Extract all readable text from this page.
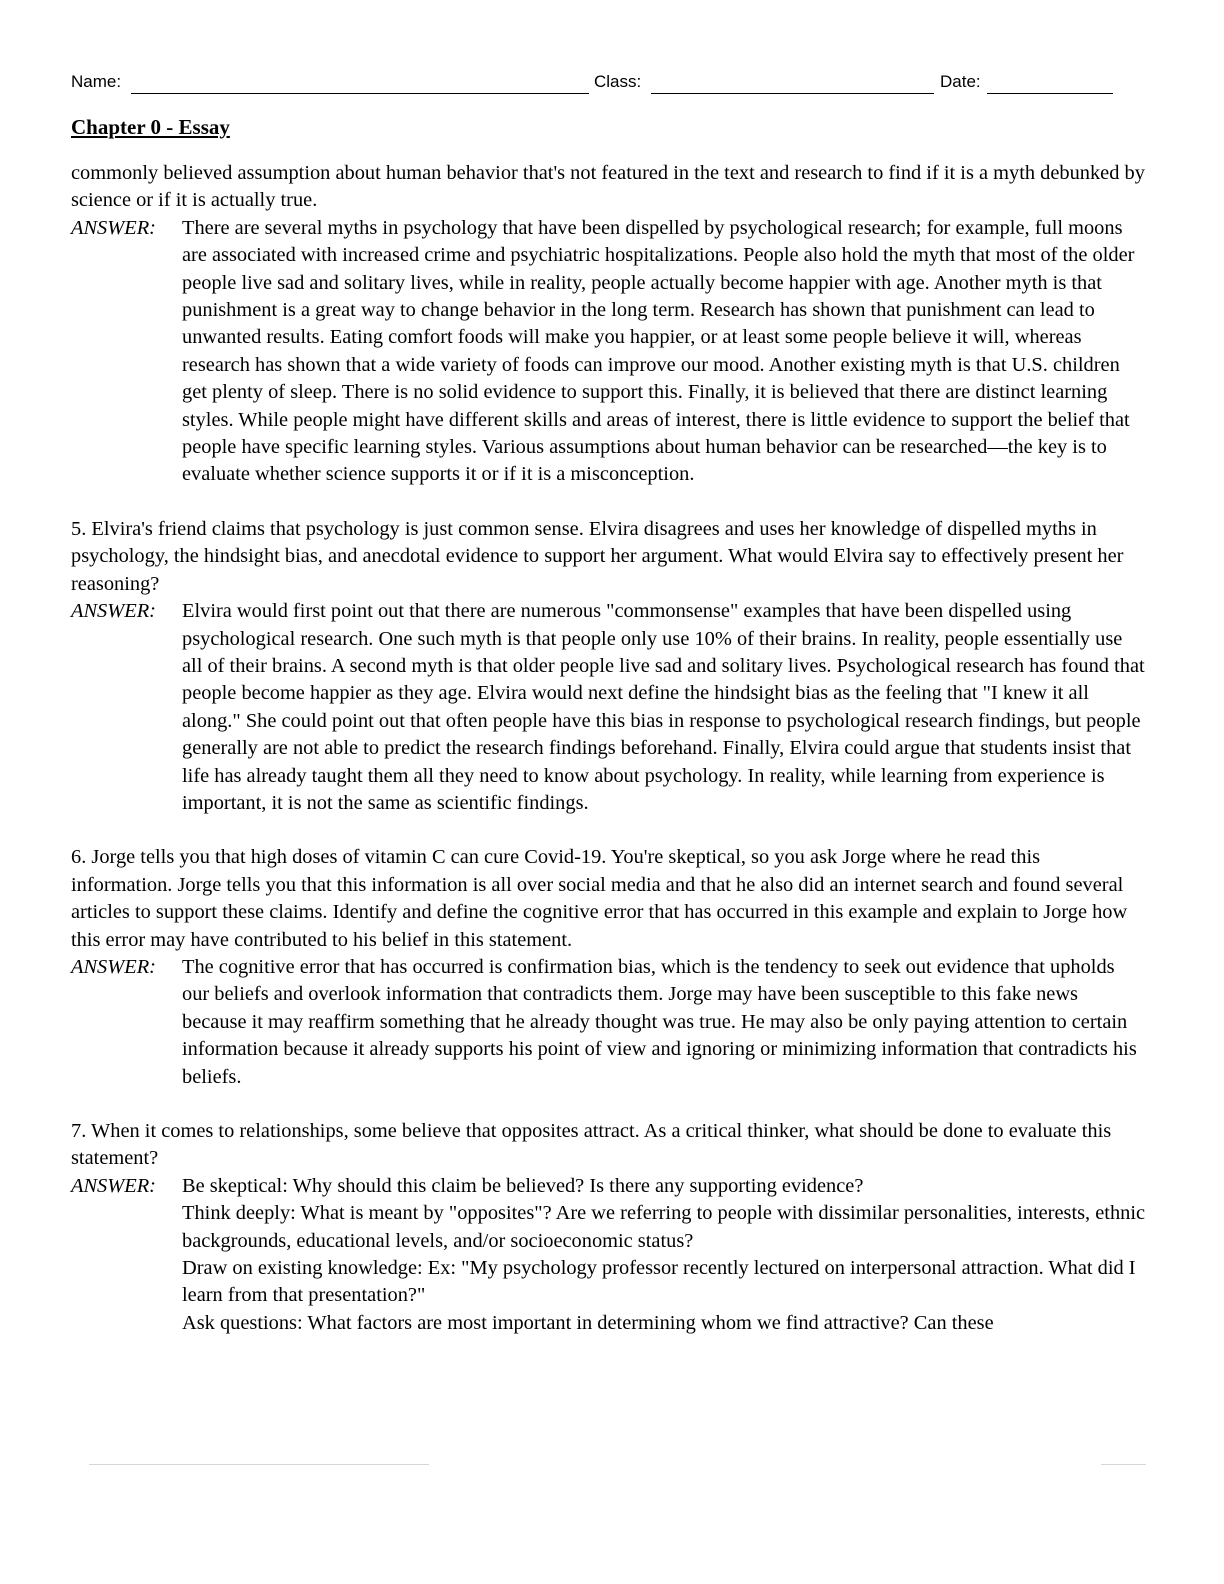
Name:	Class:	Date:
Chapter 0 - Essay

commonly believed assumption about human behavior that's not featured in the text and research to find if it is a myth debunked by science or if it is actually true.

ANSWER: There are several myths in psychology that have been dispelled by psychological research; for example, full moons are associated with increased crime and psychiatric hospitalizations. People also hold the myth that most of the older people live sad and solitary lives, while in reality, people actually become happier with age. Another myth is that punishment is a great way to change behavior in the long term. Research has shown that punishment can lead to unwanted results. Eating comfort foods will make you happier, or at least some people believe it will, whereas research has shown that a wide variety of foods can improve our mood. Another existing myth is that U.S. children get plenty of sleep. There is no solid evidence to support this. Finally, it is believed that there are distinct learning styles. While people might have different skills and areas of interest, there is little evidence to support the belief that people have specific learning styles. Various assumptions about human behavior can be researched—the key is to evaluate whether science supports it or if it is a misconception.

5. Elvira's friend claims that psychology is just common sense. Elvira disagrees and uses her knowledge of dispelled myths in psychology, the hindsight bias, and anecdotal evidence to support her argument. What would Elvira say to effectively present her reasoning?

ANSWER: Elvira would first point out that there are numerous "commonsense" examples that have been dispelled using psychological research. One such myth is that people only use 10% of their brains. In reality, people essentially use all of their brains. A second myth is that older people live sad and solitary lives. Psychological research has found that people become happier as they age. Elvira would next define the hindsight bias as the feeling that "I knew it all along." She could point out that often people have this bias in response to psychological research findings, but people generally are not able to predict the research findings beforehand. Finally, Elvira could argue that students insist that life has already taught them all they need to know about psychology. In reality, while learning from experience is important, it is not the same as scientific findings.

6. Jorge tells you that high doses of vitamin C can cure Covid-19. You're skeptical, so you ask Jorge where he read this information. Jorge tells you that this information is all over social media and that he also did an internet search and found several articles to support these claims. Identify and define the cognitive error that has occurred in this example and explain to Jorge how this error may have contributed to his belief in this statement.

ANSWER: The cognitive error that has occurred is confirmation bias, which is the tendency to seek out evidence that upholds our beliefs and overlook information that contradicts them. Jorge may have been susceptible to this fake news because it may reaffirm something that he already thought was true. He may also be only paying attention to certain information because it already supports his point of view and ignoring or minimizing information that contradicts his beliefs.

7. When it comes to relationships, some believe that opposites attract. As a critical thinker, what should be done to evaluate this statement?

ANSWER: Be skeptical: Why should this claim be believed? Is there any supporting evidence?
Think deeply: What is meant by "opposites"? Are we referring to people with dissimilar personalities, interests, ethnic backgrounds, educational levels, and/or socioeconomic status?
Draw on existing knowledge: Ex: "My psychology professor recently lectured on interpersonal attraction. What did I learn from that presentation?"
Ask questions: What factors are most important in determining whom we find attractive? Can these
